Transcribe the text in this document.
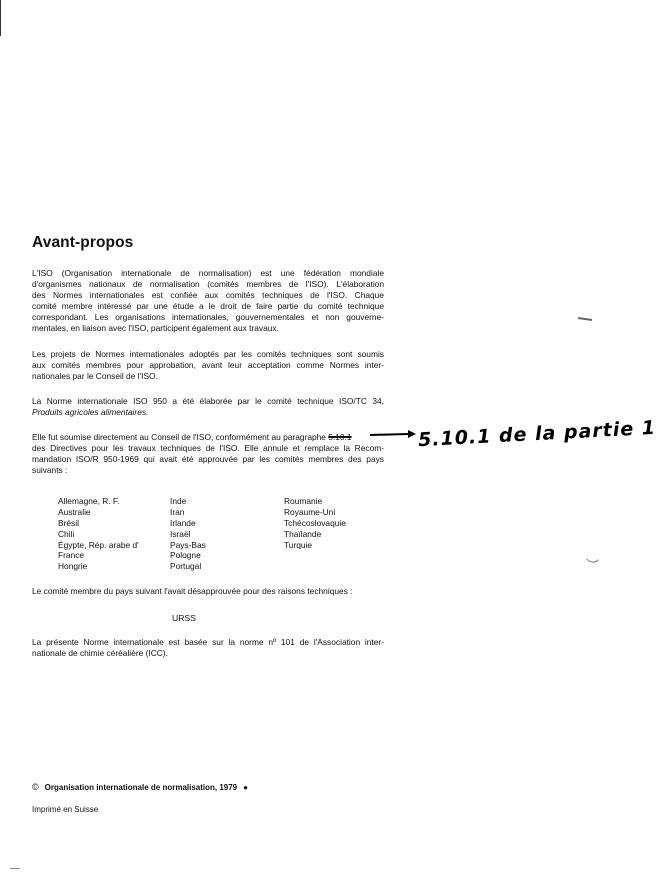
Avant-propos

L'ISO (Organisation internationale de normalisation) est une fédération mondiale
d'organismes nationaux de normalisation (comités membres de l'ISO). L'élaboration
des Normes internationales est confiée aux comités techniques de l'ISO. Chaque
comité membre intéressé par une étude a le droit de faire partie du comité technique
correspondant. Les organisations internationales, gouvernementales et non gouverne-
mentales, en liaison avec l'ISO, participent également aux travaux.

Les projets de Normes internationales adoptés par les comités techniques sont soumis
aux comités membres pour approbation, avant leur acceptation comme Normes inter-
nationales par le Conseil de l'ISO.

La Norme internationale ISO 950 a été élaborée par le comité technique ISO/TC 34,
Produits agricoles alimentaires.

Elle fut soumise directement au Conseil de l'ISO, conformément au paragraphe 5.10.1
des Directives pour les travaux techniques de l'ISO. Elle annule et remplace la Recom-
mandation ISO/R 950-1969 qui avait été approuvée par les comités membres des pays
suivants :

5.10.1 de la partie 1
Allemagne, R. F.
Australie
Brésil
Chili
Égypte, Rép. arabe d'
France
Hongrie
Inde
Iran
Irlande
Israël
Pays-Bas
Pologne
Portugal
Roumanie
Royaume-Uni
Tchécoslovaquie
Thaïlande
Turquie

Le comité membre du pays suivant l'avait désapprouvée pour des raisons techniques :

URSS

La présente Norme internationale est basée sur la norme nº 101 de l'Association inter-
nationale de chimie céréalière (ICC).

© Organisation internationale de normalisation, 1979 ●
Imprimé en Suisse
